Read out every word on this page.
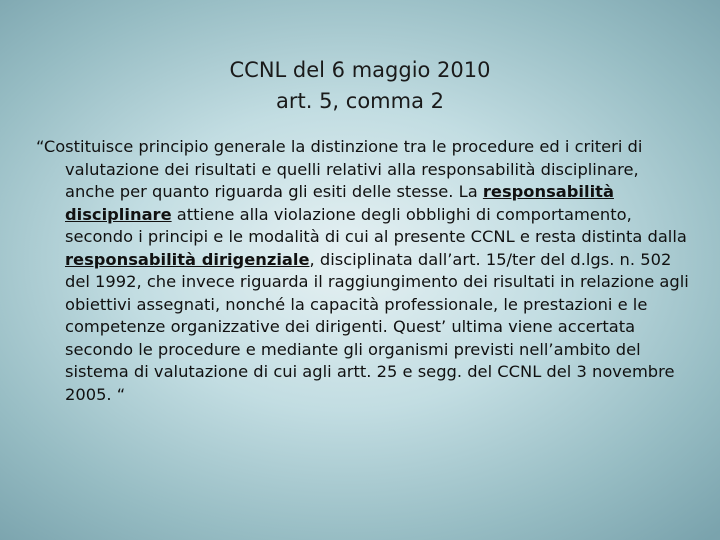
CCNL del 6 maggio 2010
art. 5, comma 2
“Costituisce principio generale la distinzione tra le procedure ed i criteri di valutazione dei risultati e quelli relativi alla responsabilità disciplinare, anche per quanto riguarda gli esiti delle stesse. La responsabilità disciplinare attiene alla violazione degli obblighi di comportamento, secondo i principi e le modalità di cui al presente CCNL e resta distinta dalla responsabilità dirigenziale, disciplinata dall’art. 15/ter del d.lgs. n. 502 del 1992, che invece riguarda il raggiungimento dei risultati in relazione agli obiettivi assegnati, nonché la capacità professionale, le prestazioni e le competenze organizzative dei dirigenti. Quest’ ultima viene accertata secondo le procedure e mediante gli organismi previsti nell’ambito del sistema di valutazione di cui agli artt. 25 e segg. del CCNL del 3 novembre 2005. “
